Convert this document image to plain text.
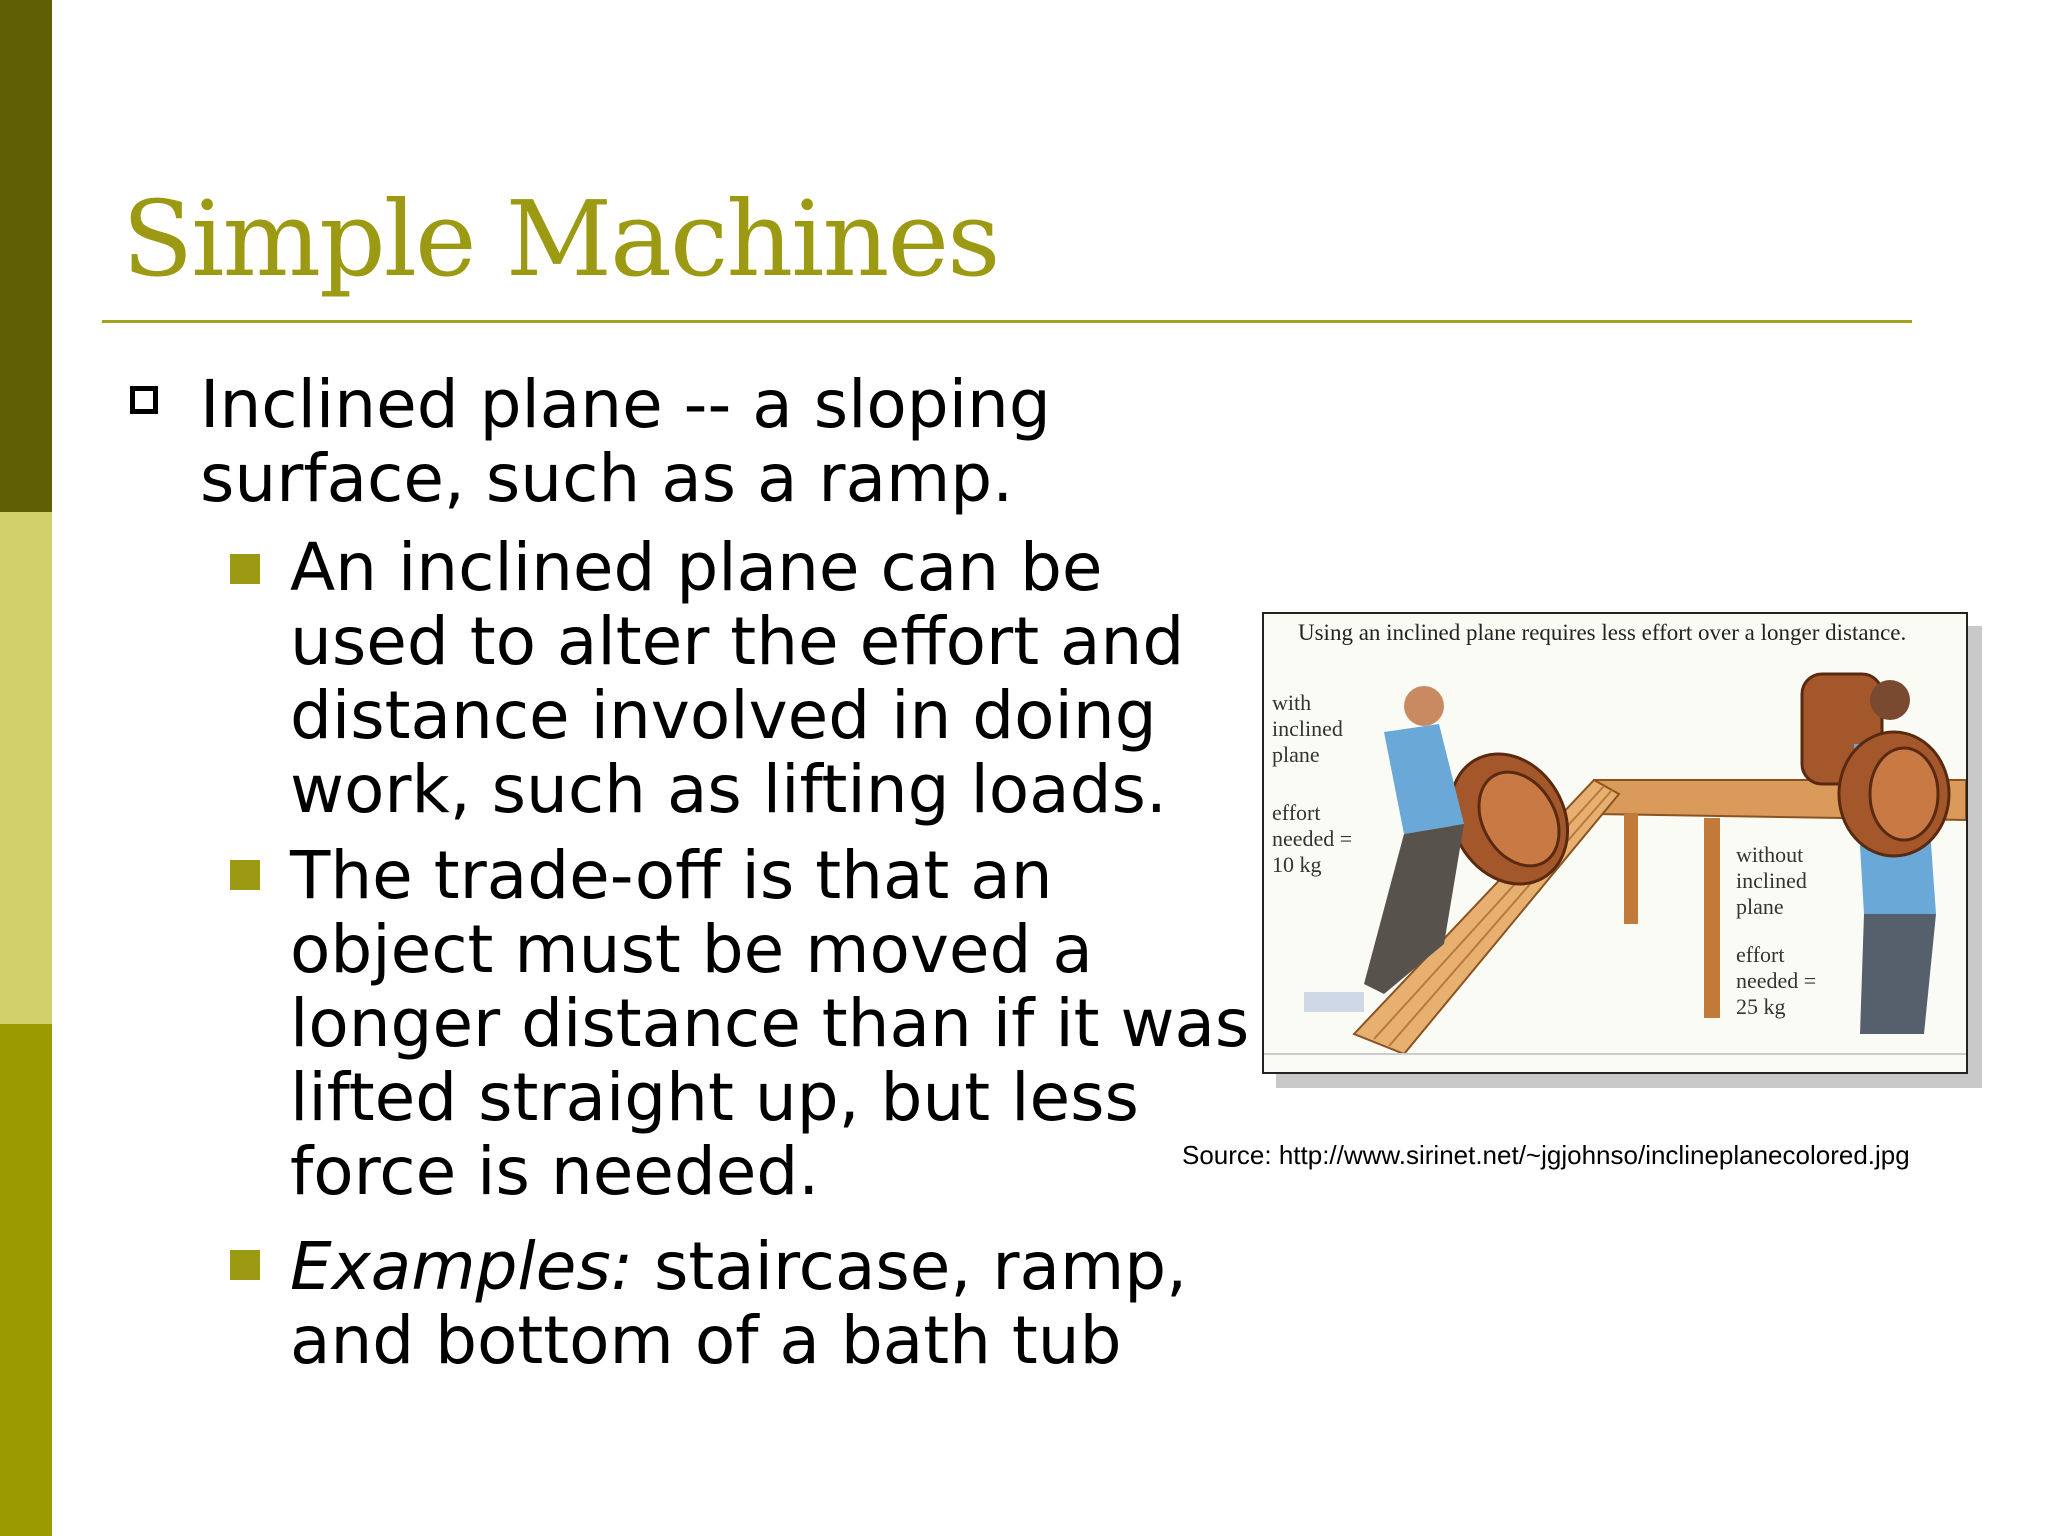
Simple Machines
Inclined plane -- a sloping surface, such as a ramp.
An inclined plane can be used to alter the effort and distance involved in doing work, such as lifting loads.
The trade-off is that an object must be moved a longer distance than if it was lifted straight up, but less force is needed.
Examples: staircase, ramp, and bottom of a bath tub
Using an inclined plane requires less effort over a longer distance.
with inclined plane
effort needed = 10 kg	without inclined plane
effort needed = 25 kg
Source: http://www.sirinet.net/~jgjohnso/inclineplanecolored.jpg
